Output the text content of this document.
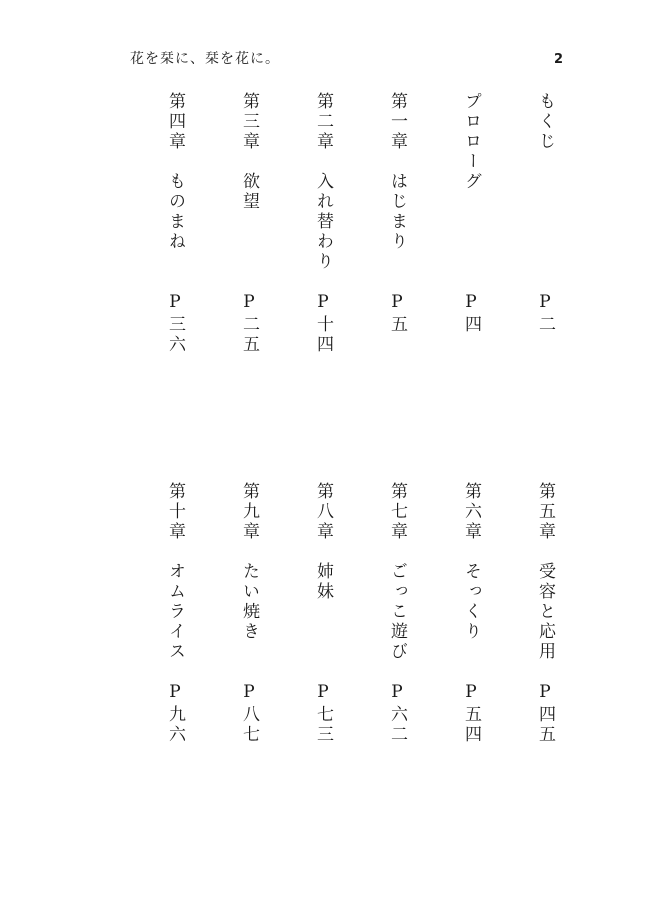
花を栞に、栞を花に。	2
もくじ
P二
プロローグ
P四
第一章
はじまり
P五
第二章
入れ替わり
P十四
第三章
欲望
P二五
第四章
ものまね
P三六
第五章
受容と応用
P四五
第六章
そっくり
P五四
第七章
ごっこ遊び
P六二
第八章
姉妹
P七三
第九章
たい焼き
P八七
第十章
オムライス
P九六
